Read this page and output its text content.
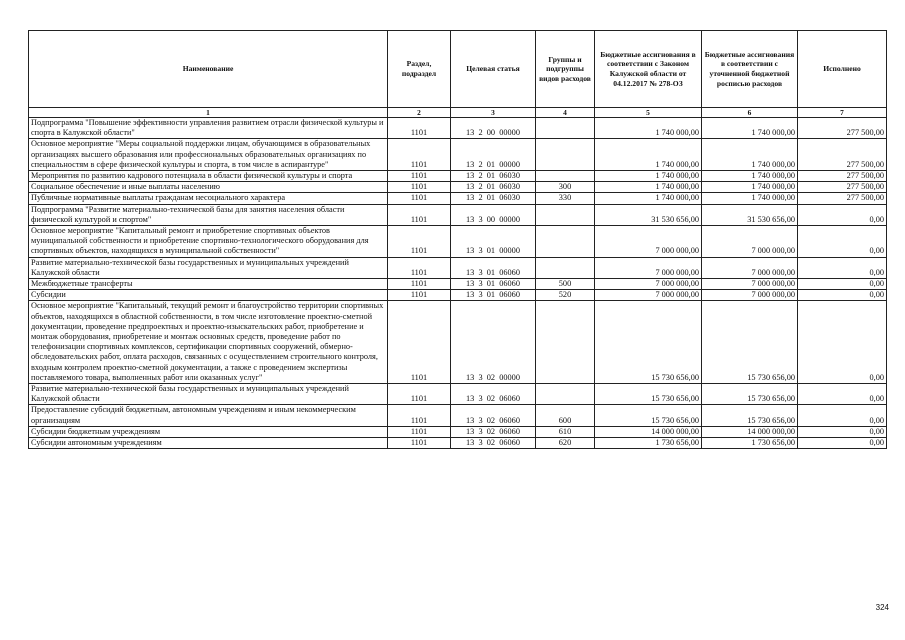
Наименование	Раздел, подраздел	Целевая статья	Группы и подгруппы видов расходов	Бюджетные ассигнования в соответствии с Законом Калужской области от 04.12.2017 № 278-ОЗ	Бюджетные ассигнования в соответствии с уточненной бюджетной росписью расходов	Исполнено
1	2	3	4	5	6	7
Подпрограмма "Повышение эффективности управления развитием отрасли физической культуры и спорта в Калужской области"	1101	13  2  00  00000		1 740 000,00	1 740 000,00	277 500,00
Основное мероприятие "Меры социальной поддержки лицам, обучающимся в образовательных организациях высшего образования или профессиональных образовательных организациях по специальностям в сфере физической культуры и спорта, в том числе в аспирантуре"	1101	13  2  01  00000		1 740 000,00	1 740 000,00	277 500,00
Мероприятия по развитию кадрового потенциала в области физической культуры и спорта	1101	13  2  01  06030		1 740 000,00	1 740 000,00	277 500,00
Социальное обеспечение и иные выплаты населению	1101	13  2  01  06030	300	1 740 000,00	1 740 000,00	277 500,00
Публичные нормативные выплаты гражданам несоциального характера	1101	13  2  01  06030	330	1 740 000,00	1 740 000,00	277 500,00
Подпрограмма "Развитие материально-технической базы для занятия населения области физической культурой и спортом"	1101	13  3  00  00000		31 530 656,00	31 530 656,00	0,00
Основное мероприятие "Капитальный ремонт и приобретение спортивных объектов муниципальной собственности и приобретение спортивно-технологического оборудования для спортивных объектов, находящихся в муниципальной собственности"	1101	13  3  01  00000		7 000 000,00	7 000 000,00	0,00
Развитие материально-технической базы государственных и муниципальных учреждений Калужской области	1101	13  3  01  06060		7 000 000,00	7 000 000,00	0,00
Межбюджетные трансферты	1101	13  3  01  06060	500	7 000 000,00	7 000 000,00	0,00
Субсидии	1101	13  3  01  06060	520	7 000 000,00	7 000 000,00	0,00
Основное мероприятие "Капитальный, текущий ремонт и благоустройство территории спортивных объектов, находящихся в областной собственности, в том числе изготовление проектно-сметной документации, проведение предпроектных и проектно-изыскательских работ, приобретение и монтаж оборудования, приобретение и монтаж основных средств, проведение работ по телефонизации спортивных комплексов, сертификации спортивных сооружений, обмерно-обследовательских работ, оплата расходов, связанных с осуществлением строительного контроля, входным контролем проектно-сметной документации, а также с проведением экспертизы поставляемого товара, выполненных работ или оказанных услуг"	1101	13  3  02  00000		15 730 656,00	15 730 656,00	0,00
Развитие материально-технической базы государственных и муниципальных учреждений Калужской области	1101	13  3  02  06060		15 730 656,00	15 730 656,00	0,00
Предоставление субсидий бюджетным, автономным учреждениям и иным некоммерческим организациям	1101	13  3  02  06060	600	15 730 656,00	15 730 656,00	0,00
Субсидии бюджетным учреждениям	1101	13  3  02  06060	610	14 000 000,00	14 000 000,00	0,00
Субсидии автономным учреждениям	1101	13  3  02  06060	620	1 730 656,00	1 730 656,00	0,00
324
